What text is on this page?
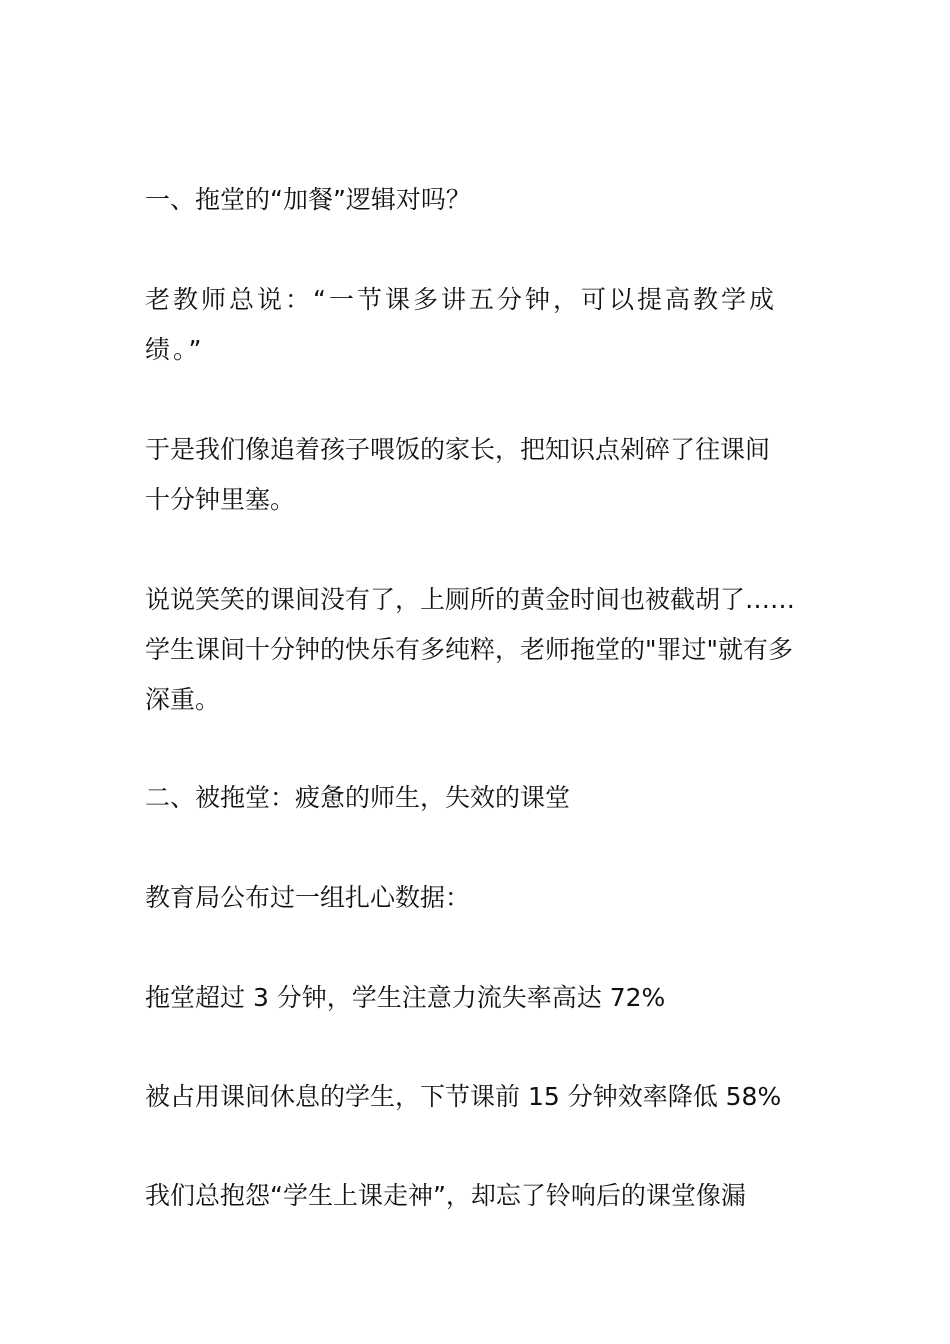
一、拖堂的“加餐”逻辑对吗？

老教师总说：“一节课多讲五分钟，可以提高教学成
绩。”

于是我们像追着孩子喂饭的家长，把知识点剁碎了往课间
十分钟里塞。

说说笑笑的课间没有了，上厕所的黄金时间也被截胡了……
学生课间十分钟的快乐有多纯粹，老师拖堂的"罪过"就有多
深重。

二、被拖堂：疲惫的师生，失效的课堂

教育局公布过一组扎心数据：

拖堂超过 3 分钟，学生注意力流失率高达 72%

被占用课间休息的学生，下节课前 15 分钟效率降低 58%

我们总抱怨“学生上课走神”，却忘了铃响后的课堂像漏
